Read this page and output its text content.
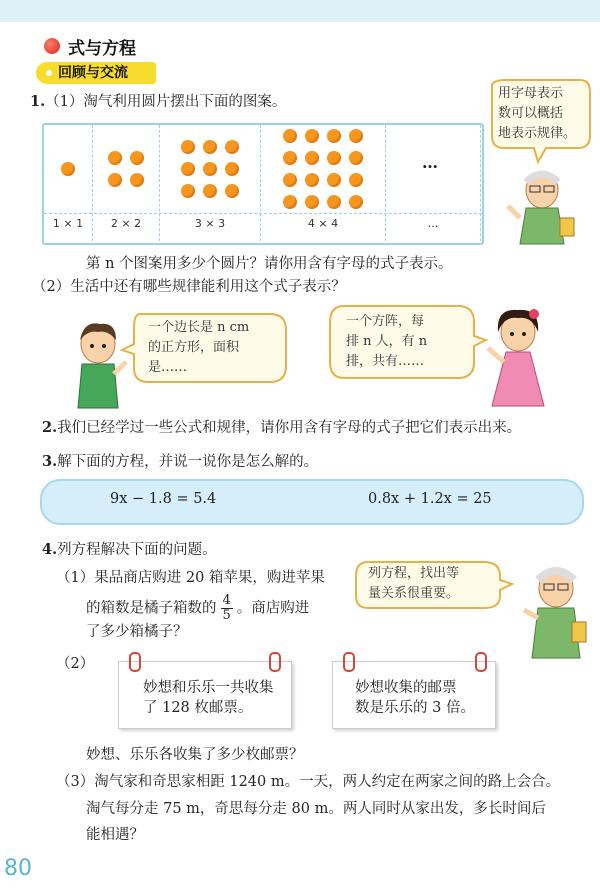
式与方程
回顾与交流
1.（1）淘气利用圆片摆出下面的图案。
1 × 1	2 × 2	3 × 3	4 × 4	…
…
用字母表示
数可以概括
地表示规律。
第 n 个图案用多少个圆片？请你用含有字母的式子表示。
（2）生活中还有哪些规律能利用这个式子表示？
一个边长是 n cm
的正方形，面积
是……
一个方阵，每
排 n 人，有 n
排，共有……
2.我们已经学过一些公式和规律，请你用含有字母的式子把它们表示出来。
3.解下面的方程，并说一说你是怎么解的。
9x − 1.8 = 5.4	0.8x + 1.2x = 25
4.列方程解决下面的问题。
（1）果品商店购进 20 箱苹果，购进苹果
的箱数是橘子箱数的 $\frac{4}{5}$ 。商店购进
了多少箱橘子？
列方程，找出等
量关系很重要。
（2）
妙想和乐乐一共收集
了 128 枚邮票。
妙想收集的邮票
数是乐乐的 3 倍。
妙想、乐乐各收集了多少枚邮票？
（3）淘气家和奇思家相距 1240 m。一天，两人约定在两家之间的路上会合。
淘气每分走 75 m，奇思每分走 80 m。两人同时从家出发，多长时间后
能相遇？
80
